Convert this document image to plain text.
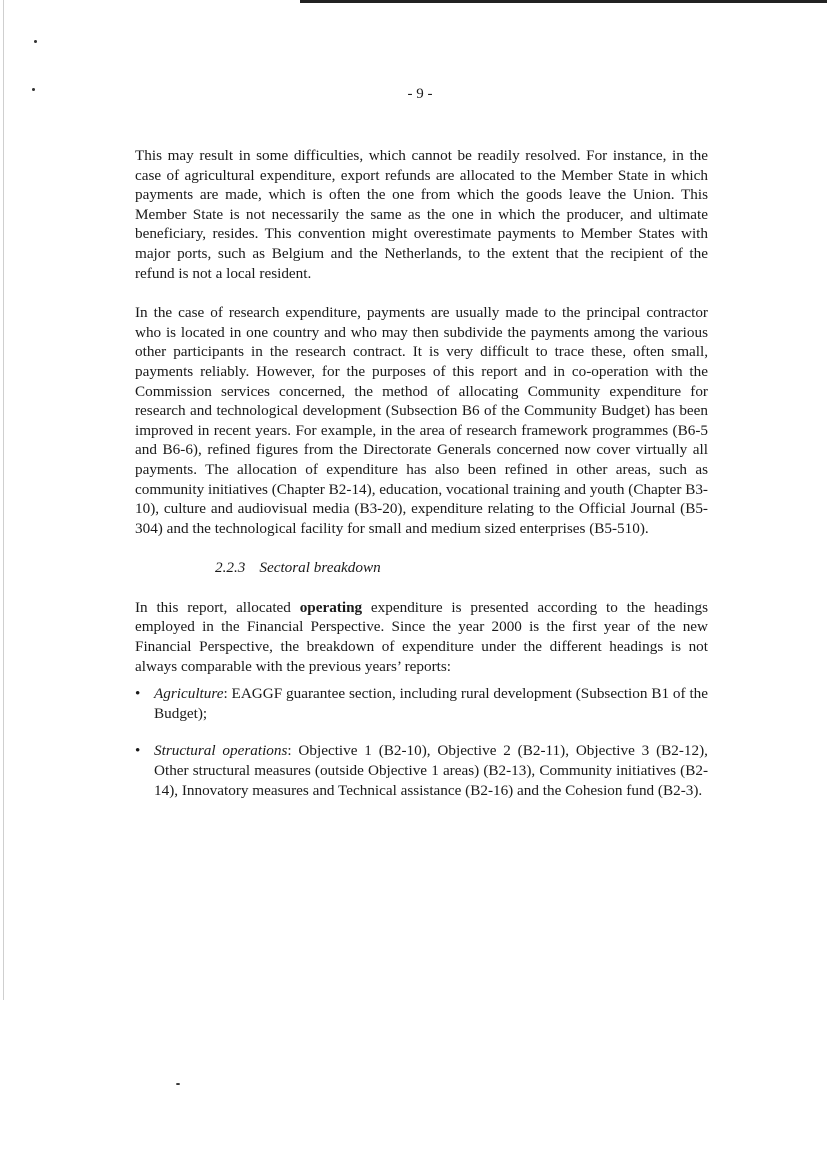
- 9 -

This may result in some difficulties, which cannot be readily resolved. For instance, in the case of agricultural expenditure, export refunds are allocated to the Member State in which payments are made, which is often the one from which the goods leave the Union. This Member State is not necessarily the same as the one in which the producer, and ultimate beneficiary, resides. This convention might overestimate payments to Member States with major ports, such as Belgium and the Netherlands, to the extent that the recipient of the refund is not a local resident.

In the case of research expenditure, payments are usually made to the principal contractor who is located in one country and who may then subdivide the payments among the various other participants in the research contract. It is very difficult to trace these, often small, payments reliably. However, for the purposes of this report and in co-operation with the Commission services concerned, the method of allocating Community expenditure for research and technological development (Subsection B6 of the Community Budget) has been improved in recent years. For example, in the area of research framework programmes (B6-5 and B6-6), refined figures from the Directorate Generals concerned now cover virtually all payments. The allocation of expenditure has also been refined in other areas, such as community initiatives (Chapter B2-14), education, vocational training and youth (Chapter B3-10), culture and audiovisual media (B3-20), expenditure relating to the Official Journal (B5-304) and the technological facility for small and medium sized enterprises (B5-510).

2.2.3 Sectoral breakdown

In this report, allocated operating expenditure is presented according to the headings employed in the Financial Perspective. Since the year 2000 is the first year of the new Financial Perspective, the breakdown of expenditure under the different headings is not always comparable with the previous years’ reports:

• Agriculture: EAGGF guarantee section, including rural development (Subsection B1 of the Budget);
• Structural operations: Objective 1 (B2-10), Objective 2 (B2-11), Objective 3 (B2-12), Other structural measures (outside Objective 1 areas) (B2-13), Community initiatives (B2-14), Innovatory measures and Technical assistance (B2-16) and the Cohesion fund (B2-3).
